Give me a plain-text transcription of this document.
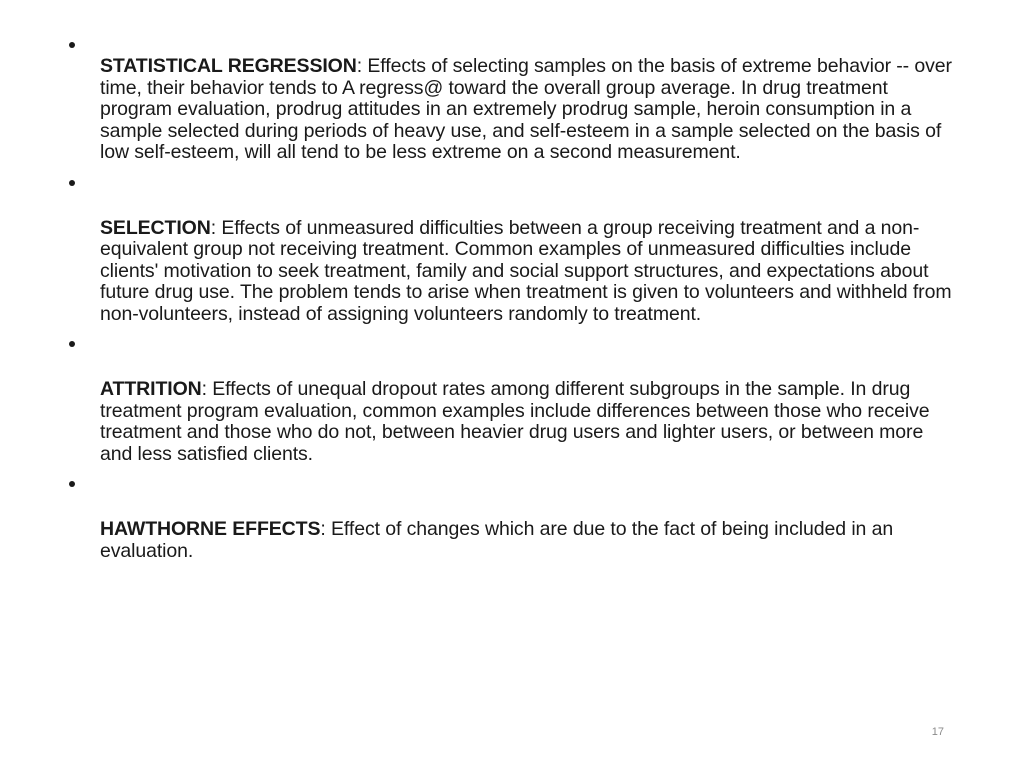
STATISTICAL REGRESSION: Effects of selecting samples on the basis of extreme behavior -- over time, their behavior tends to A regress@ toward the overall group average. In drug treatment program evaluation, prodrug attitudes in an extremely prodrug sample, heroin consumption in a sample selected during periods of heavy use, and self-esteem in a sample selected on the basis of low self-esteem, will all tend to be less extreme on a second measurement.

SELECTION: Effects of unmeasured difficulties between a group receiving treatment and a non-equivalent group not receiving treatment. Common examples of unmeasured difficulties include clients' motivation to seek treatment, family and social support structures, and expectations about future drug use. The problem tends to arise when treatment is given to volunteers and withheld from non-volunteers, instead of assigning volunteers randomly to treatment.

ATTRITION: Effects of unequal dropout rates among different subgroups in the sample. In drug treatment program evaluation, common examples include differences between those who receive treatment and those who do not, between heavier drug users and lighter users, or between more and less satisfied clients.

HAWTHORNE EFFECTS: Effect of changes which are due to the fact of being included in an evaluation.

17
